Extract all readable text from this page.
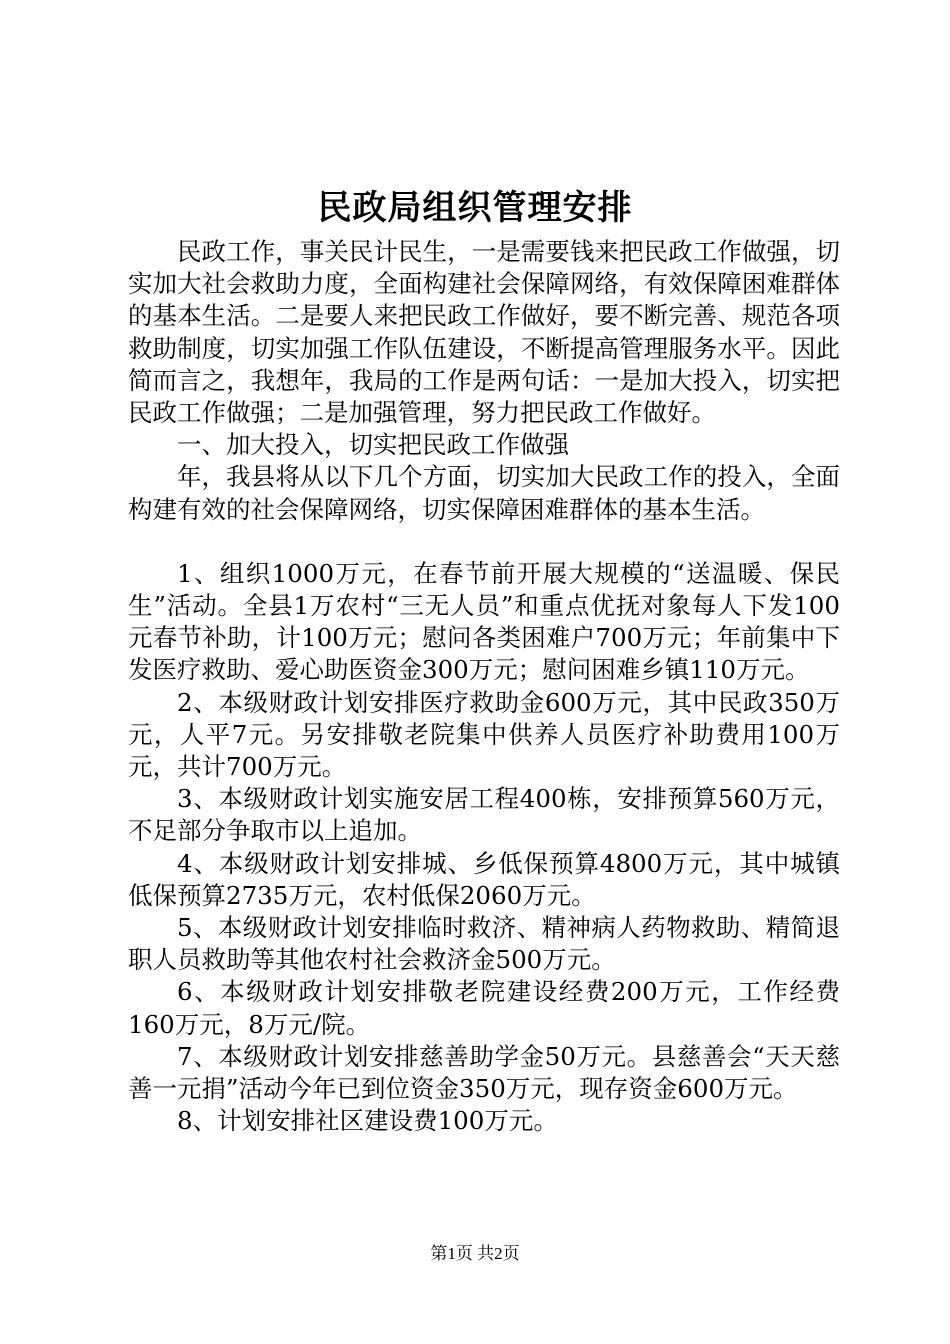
民政局组织管理安排

民政工作，事关民计民生，一是需要钱来把民政工作做强，切实加大社会救助力度，全面构建社会保障网络，有效保障困难群体的基本生活。二是要人来把民政工作做好，要不断完善、规范各项救助制度，切实加强工作队伍建设，不断提高管理服务水平。因此简而言之，我想年，我局的工作是两句话：一是加大投入，切实把民政工作做强；二是加强管理，努力把民政工作做好。

一、加大投入，切实把民政工作做强

年，我县将从以下几个方面，切实加大民政工作的投入，全面构建有效的社会保障网络，切实保障困难群体的基本生活。

1、组织1000万元，在春节前开展大规模的“送温暖、保民生”活动。全县1万农村“三无人员”和重点优抚对象每人下发100元春节补助，计100万元；慰问各类困难户700万元；年前集中下发医疗救助、爱心助医资金300万元；慰问困难乡镇110万元。

2、本级财政计划安排医疗救助金600万元，其中民政350万元，人平7元。另安排敬老院集中供养人员医疗补助费用100万元，共计700万元。

3、本级财政计划实施安居工程400栋，安排预算560万元，不足部分争取市以上追加。

4、本级财政计划安排城、乡低保预算4800万元，其中城镇低保预算2735万元，农村低保2060万元。

5、本级财政计划安排临时救济、精神病人药物救助、精简退职人员救助等其他农村社会救济金500万元。

6、本级财政计划安排敬老院建设经费200万元，工作经费160万元，8万元/院。

7、本级财政计划安排慈善助学金50万元。县慈善会“天天慈善一元捐”活动今年已到位资金350万元，现存资金600万元。

8、计划安排社区建设费100万元。

第1页 共2页
